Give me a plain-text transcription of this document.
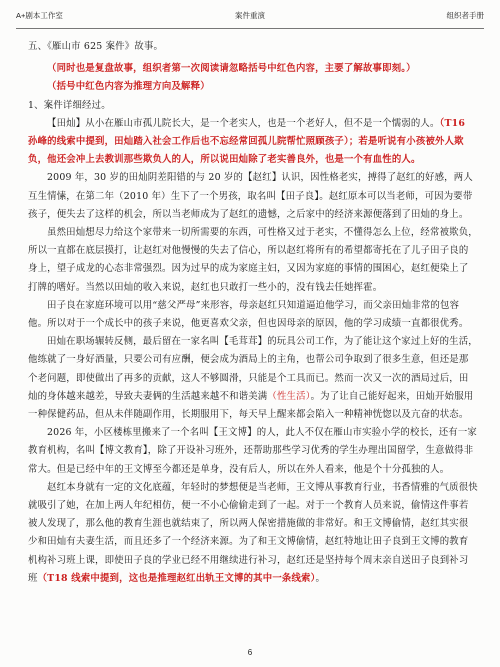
A+剧本工作室	案件重演	组织者手册

五、《雁山市 625 案件》故事。

（同时也是复盘故事，组织者第一次阅读请忽略括号中红色内容，主要了解故事即刻。）

（括号中红色内容为推理方向及解释）

1、案件详细经过。

【田灿】从小在雁山市孤儿院长大，是一个老实人，也是一个老好人，但不是一个懦弱的人。（T16 孙峰的线索中提到，田灿踏入社会工作后也不忘经常回孤儿院帮忙照顾孩子）；若是听说有小孩被外人欺负，他还会冲上去教训那些欺负人的人，所以说田灿除了老实善良外，也是一个有血性的人。

2009 年，30 岁的田灿阴差阳错的与 20 岁的【赵红】认识，因性格老实，搏得了赵红的好感，两人互生情愫，在第二年（2010 年）生下了一个男孩，取名叫【田子良】。赵红原本可以当老师，可因为要带孩子，便失去了这样的机会，所以当老师成为了赵红的遗憾，之后家中的经济来源便落到了田灿的身上。

虽然田灿想尽力给这个家带来一切所需要的东西，可性格又过于老实，不懂得怎么上位，经常被欺负，所以一直都在底层摸打，让赵红对他慢慢的失去了信心，所以赵红将所有的希望都寄托在了儿子田子良的身上，望子成龙的心态非常强烈。因为过早的成为家庭主妇，又因为家庭的事情的围困心，赵红便染上了打牌的嗜好。当然以田灿的收入来说，赵红也只敢打一些小的，没有钱去任她挥霍。

田子良在家庭环境可以用“慈父严母”来形容，母亲赵红只知道逼迫他学习，而父亲田灿非常的包容他。所以对于一个成长中的孩子来说，他更喜欢父亲，但也因母亲的原因，他的学习成绩一直都很优秀。

田灿在职场辗转反侧，最后留在一家名叫【毛茸茸】的玩具公司工作，为了能让这个家过上好的生活，他练就了一身好酒量，只要公司有应酬，便会成为酒局上的主角，也帮公司争取到了很多生意，但还是那个老问题，即使做出了再多的贡献，这人不够圆滑，只能是个工具而已。然而一次又一次的酒局过后，田灿的身体越来越差，导致夫妻俩的生活越来越不和谐美满（性生活）。为了让自己能好起来，田灿开始服用一种保健药品，但从未伴随副作用，长期服用下，每天早上醒来都会陷入一种精神恍惚以及亢奋的状态。

2026 年，小区楼栋里搬来了一个名叫【王文博】的人，此人不仅在雁山市实验小学的校长，还有一家教育机构，名叫【博文教育】，除了开设补习班外，还帮助那些学习优秀的学生办理出国留学，生意做得非常大。但是已经中年的王文博至今都还是单身，没有后人，所以在外人看来，他是个十分孤独的人。

赵红本身就有一定的文化底蕴，年轻时的梦想便是当老师，王文博从事教育行业，书香情雅的气质很快就吸引了她，在加上两人年纪相仿，便一不小心偷偷走到了一起。对于一个教育人员来说，偷情这件事若被人发现了，那么他的教育生涯也就结束了，所以两人保密措施做的非常好。和王文博偷情，赵红其实很少和田灿有夫妻生活，而且还多了一个经济来源。为了和王文博偷情，赵红特地让田子良到王文博的教育机构补习班上课，即使田子良的学业已经不用继续进行补习，赵红还是坚持每个周末亲自送田子良到补习班（T18 线索中提到，这也是推理赵红出轨王文博的其中一条线索）。

6
